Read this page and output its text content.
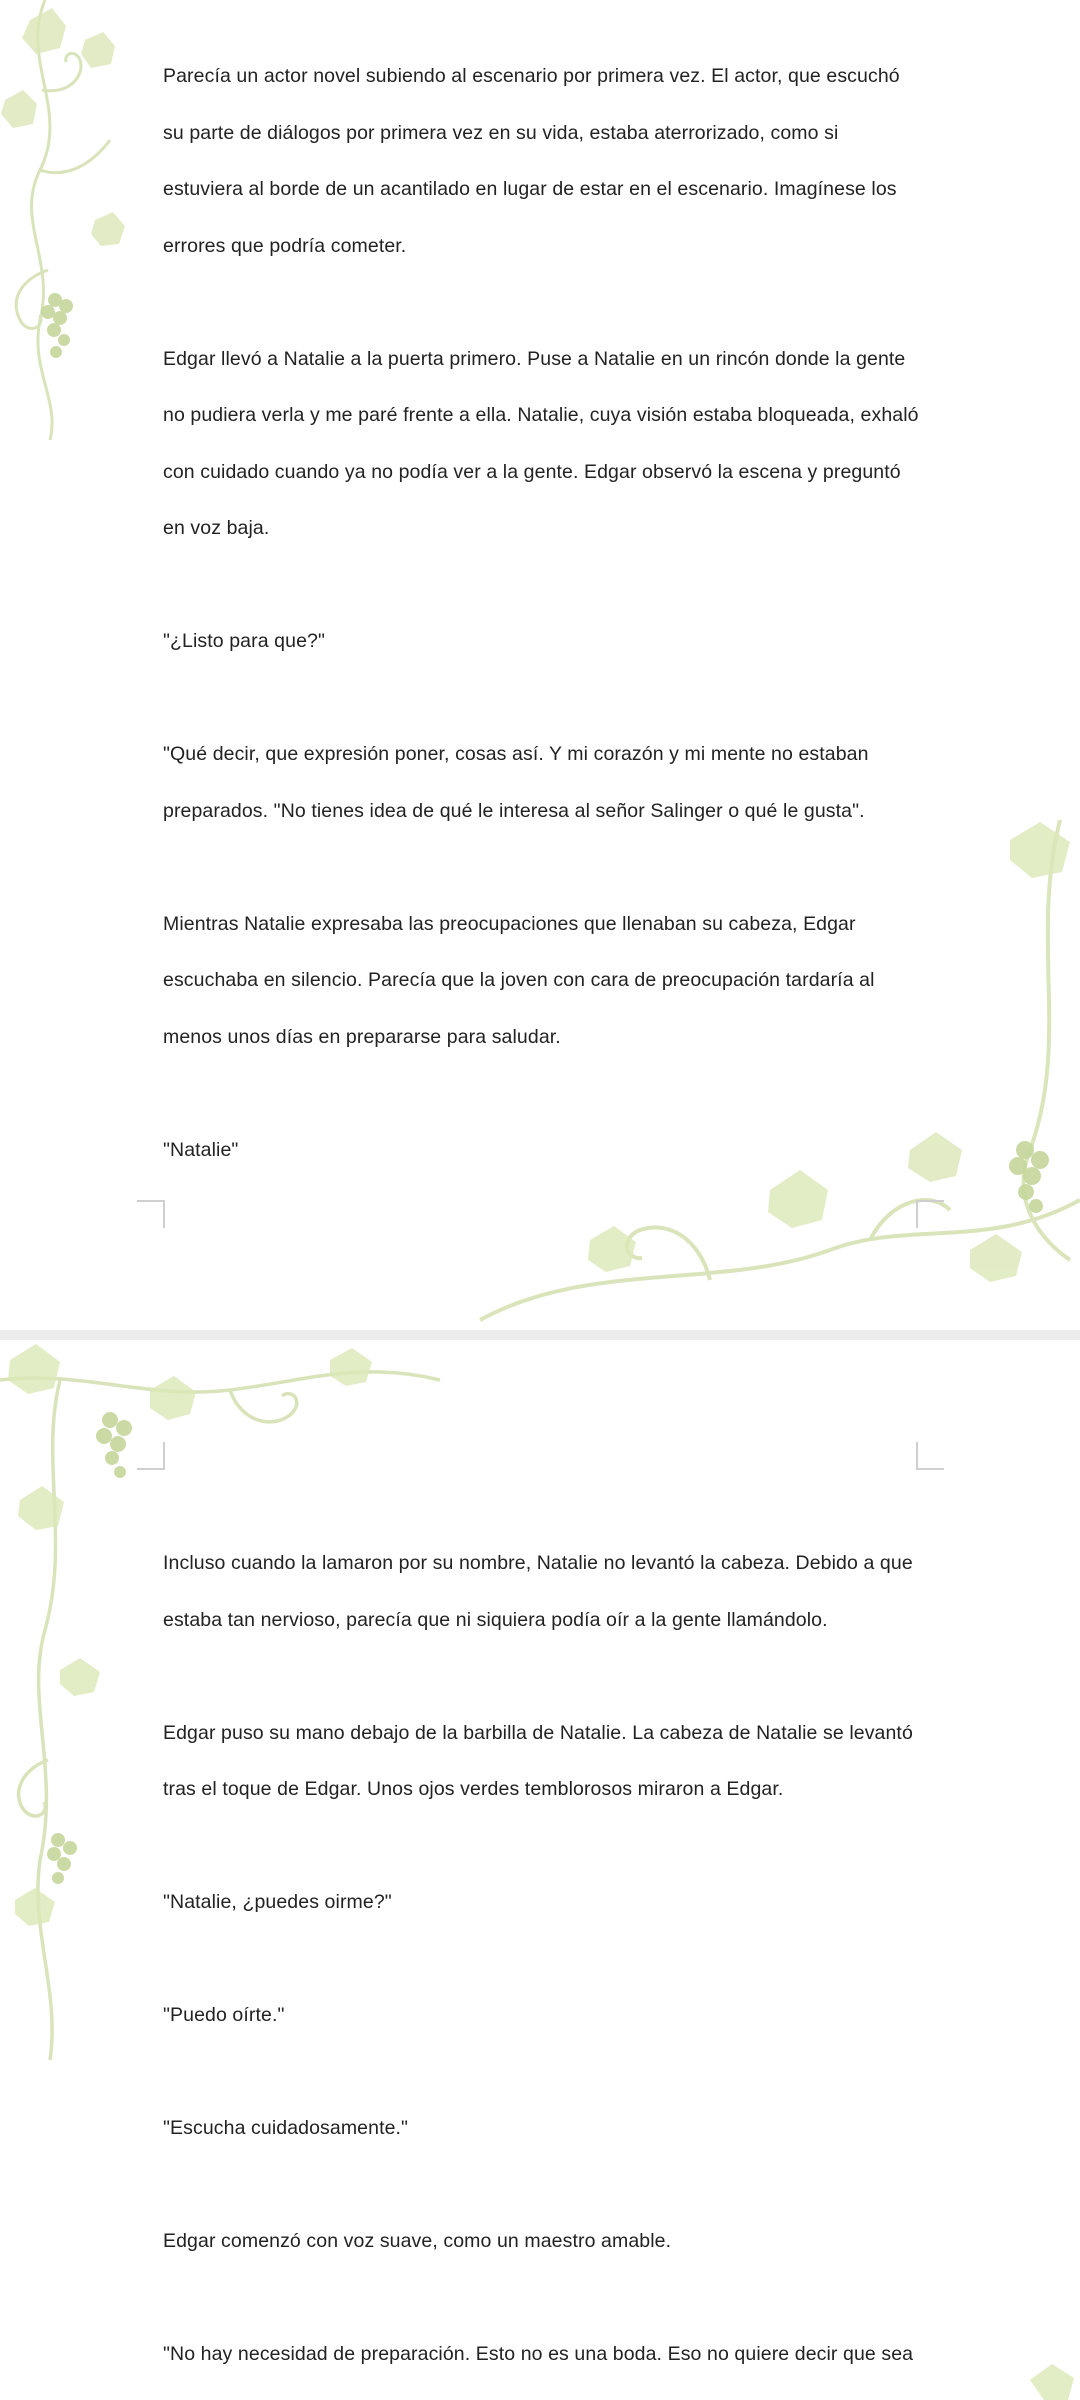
Parecía un actor novel subiendo al escenario por primera vez. El actor, que escuchó su parte de diálogos por primera vez en su vida, estaba aterrorizado, como si estuviera al borde de un acantilado en lugar de estar en el escenario. Imagínese los errores que podría cometer.

Edgar llevó a Natalie a la puerta primero. Puse a Natalie en un rincón donde la gente no pudiera verla y me paré frente a ella. Natalie, cuya visión estaba bloqueada, exhaló con cuidado cuando ya no podía ver a la gente. Edgar observó la escena y preguntó en voz baja.

"¿Listo para que?"

"Qué decir, que expresión poner, cosas así. Y mi corazón y mi mente no estaban preparados. "No tienes idea de qué le interesa al señor Salinger o qué le gusta".

Mientras Natalie expresaba las preocupaciones que llenaban su cabeza, Edgar escuchaba en silencio. Parecía que la joven con cara de preocupación tardaría al menos unos días en prepararse para saludar.

"Natalie"

Incluso cuando la lamaron por su nombre, Natalie no levantó la cabeza. Debido a que estaba tan nervioso, parecía que ni siquiera podía oír a la gente llamándolo.

Edgar puso su mano debajo de la barbilla de Natalie. La cabeza de Natalie se levantó tras el toque de Edgar. Unos ojos verdes temblorosos miraron a Edgar.

"Natalie, ¿puedes oirme?"

"Puedo oírte."

"Escucha cuidadosamente."

Edgar comenzó con voz suave, como un maestro amable.

"No hay necesidad de preparación. Esto no es una boda. Eso no quiere decir que sea
